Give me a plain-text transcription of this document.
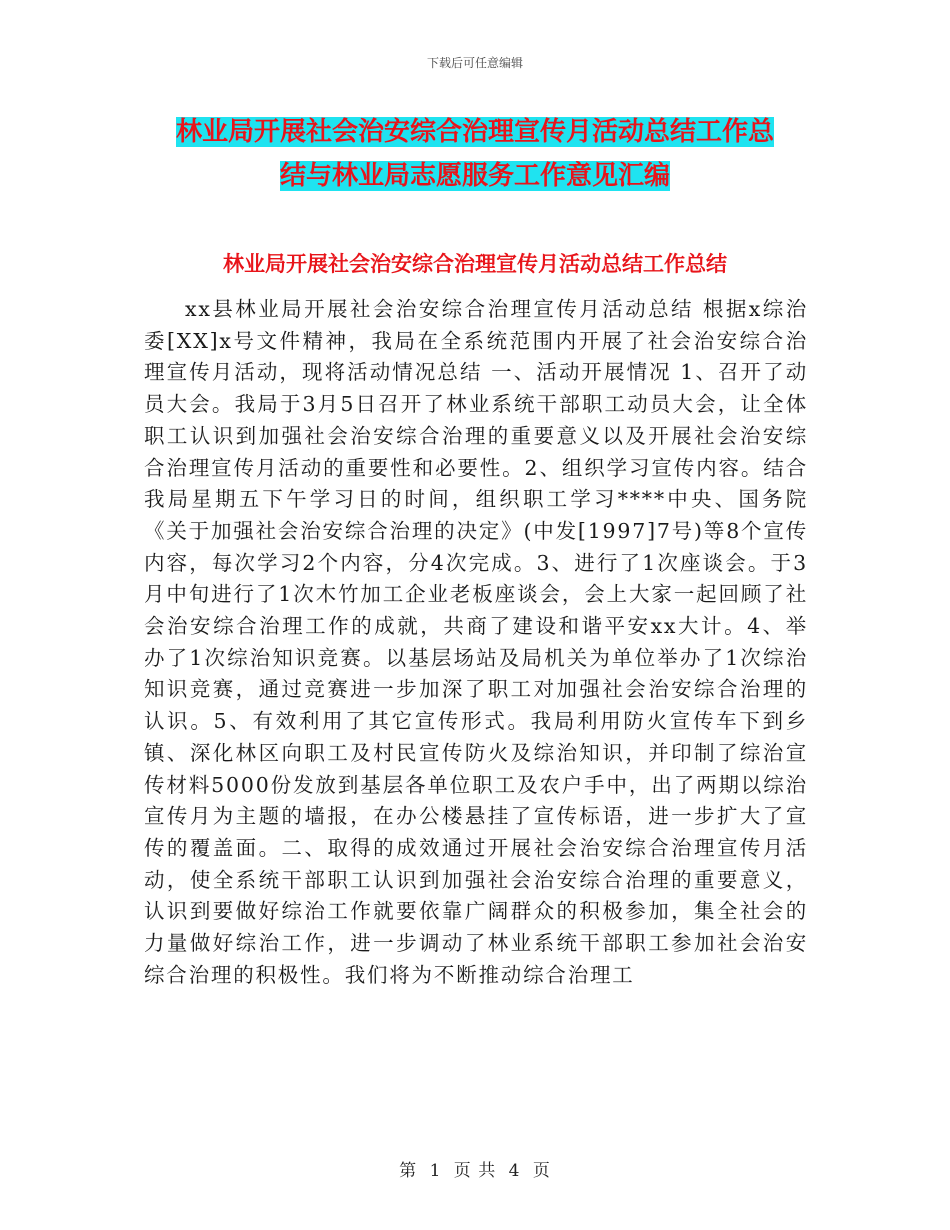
下载后可任意编辑
林业局开展社会治安综合治理宣传月活动总结工作总
结与林业局志愿服务工作意见汇编
林业局开展社会治安综合治理宣传月活动总结工作总结

xx县林业局开展社会治安综合治理宣传月活动总结 根据x综治委[XX]x号文件精神，我局在全系统范围内开展了社会治安综合治理宣传月活动，现将活动情况总结 一、活动开展情况 1、召开了动员大会。我局于3月5日召开了林业系统干部职工动员大会，让全体职工认识到加强社会治安综合治理的重要意义以及开展社会治安综合治理宣传月活动的重要性和必要性。2、组织学习宣传内容。结合我局星期五下午学习日的时间，组织职工学习****中央、国务院《关于加强社会治安综合治理的决定》(中发[1997]7号)等8个宣传内容，每次学习2个内容，分4次完成。3、进行了1次座谈会。于3月中旬进行了1次木竹加工企业老板座谈会，会上大家一起回顾了社会治安综合治理工作的成就，共商了建设和谐平安xx大计。4、举办了1次综治知识竞赛。以基层场站及局机关为单位举办了1次综治知识竞赛，通过竞赛进一步加深了职工对加强社会治安综合治理的认识。5、有效利用了其它宣传形式。我局利用防火宣传车下到乡镇、深化林区向职工及村民宣传防火及综治知识，并印制了综治宣传材料5000份发放到基层各单位职工及农户手中，出了两期以综治宣传月为主题的墙报，在办公楼悬挂了宣传标语，进一步扩大了宣传的覆盖面。二、取得的成效通过开展社会治安综合治理宣传月活动，使全系统干部职工认识到加强社会治安综合治理的重要意义，认识到要做好综治工作就要依靠广阔群众的积极参加，集全社会的力量做好综治工作，进一步调动了林业系统干部职工参加社会治安综合治理的积极性。我们将为不断推动综合治理工

第 1 页 共 4 页
